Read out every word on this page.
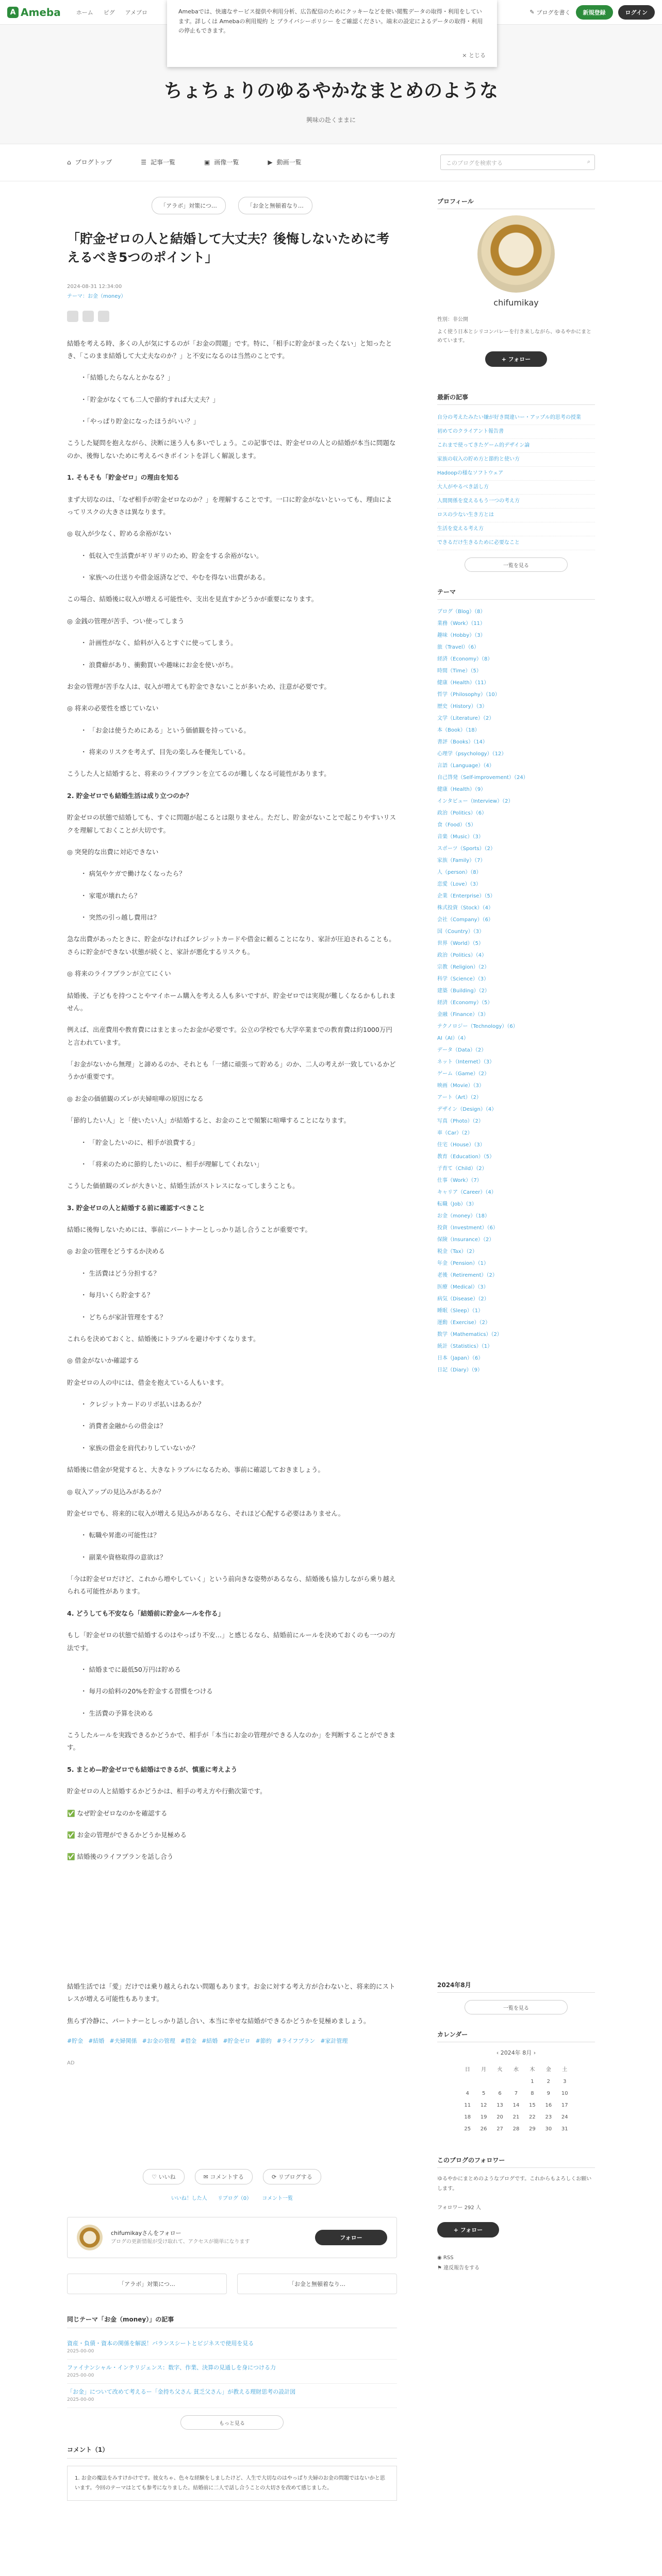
A Ameba	ホーム ピグ アメブロ	✎ ブログを書く	新規登録	ログイン
Amebaでは、快適なサービス提供や利用分析、広告配信のためにクッキーなどを使い閲覧データの取得・利用をしています。詳しくは Amebaの利用規約 と プライバシーポリシー をご確認ください。端末の設定によるデータの取得・利用の停止もできます。
× とじる
ちょちょりのゆるやかなまとめのような
興味の赴くままに
⌂ ブログトップ	☰ 記事一覧	▣ 画像一覧	▶ 動画一覧	このブログを検索する	⌕
「アラボ」対策につ…	「お金と無頓着なり…
「貯金ゼロの人と結婚して大丈夫？後悔しないために考えるべき5つのポイント」
2024-08-31 12:34:00
テーマ：お金（money）

結婚を考える時、多くの人が気にするのが「お金の問題」です。特に、「相手に貯金がまったくない」と知ったとき、「このまま結婚して大丈夫なのか？」と不安になるのは当然のことです。

・「結婚したらなんとかなる？」

・「貯金がなくても二人で節約すれば大丈夫？」

・「やっぱり貯金になったほうがいい？」

こうした疑問を抱えながら、決断に迷う人も多いでしょう。この記事では、貯金ゼロの人との結婚が本当に問題なのか、後悔しないために考えるべきポイントを詳しく解説します。

1. そもそも「貯金ゼロ」の理由を知る

まず大切なのは、「なぜ相手が貯金ゼロなのか？」を理解することです。一口に貯金がないといっても、理由によってリスクの大きさは異なります。

◎ 収入が少なく、貯める余裕がない

・ 低収入で生活費がギリギリのため、貯金をする余裕がない。

・ 家族への仕送りや借金返済などで、やむを得ない出費がある。

この場合、結婚後に収入が増える可能性や、支出を見直すかどうかが重要になります。

◎ 金銭の管理が苦手、つい使ってしまう

・ 計画性がなく、給料が入るとすぐに使ってしまう。

・ 浪費癖があり、衝動買いや趣味にお金を使いがち。

お金の管理が苦手な人は、収入が増えても貯金できないことが多いため、注意が必要です。

◎ 将来の必要性を感じていない

・ 「お金は使うためにある」という価値観を持っている。

・ 将来のリスクを考えず、目先の楽しみを優先している。

こうした人と結婚すると、将来のライフプランを立てるのが難しくなる可能性があります。

2. 貯金ゼロでも結婚生活は成り立つのか？

貯金ゼロの状態で結婚しても、すぐに問題が起こるとは限りません。ただし、貯金がないことで起こりやすいリスクを理解しておくことが大切です。

◎ 突発的な出費に対応できない

・ 病気やケガで働けなくなったら？

・ 家電が壊れたら？

・ 突然の引っ越し費用は？

急な出費があったときに、貯金がなければクレジットカードや借金に頼ることになり、家計が圧迫されることも。さらに貯金ができない状態が続くと、家計が悪化するリスクも。

◎ 将来のライフプランが立てにくい

結婚後、子どもを持つことやマイホーム購入を考える人も多いですが、貯金ゼロでは実現が難しくなるかもしれません。

例えば、出産費用や教育費にはまとまったお金が必要です。公立の学校でも大学卒業までの教育費は約1000万円と言われています。

「お金がないから無理」と諦めるのか、それとも「一緒に頑張って貯める」のか、二人の考えが一致しているかどうかが重要です。

◎ お金の価値観のズレが夫婦喧嘩の原因になる

「節約したい人」と「使いたい人」が結婚すると、お金のことで頻繁に喧嘩することになります。

・ 「貯金したいのに、相手が浪費する」

・ 「将来のために節約したいのに、相手が理解してくれない」

こうした価値観のズレが大きいと、結婚生活がストレスになってしまうことも。

3. 貯金ゼロの人と結婚する前に確認すべきこと

結婚に後悔しないためには、事前にパートナーとしっかり話し合うことが重要です。

◎ お金の管理をどうするか決める

・ 生活費はどう分担する？

・ 毎月いくら貯金する？

・ どちらが家計管理をする？

これらを決めておくと、結婚後にトラブルを避けやすくなります。

◎ 借金がないか確認する

貯金ゼロの人の中には、借金を抱えている人もいます。

・ クレジットカードのリボ払いはあるか？

・ 消費者金融からの借金は？

・ 家族の借金を肩代わりしていないか？

結婚後に借金が発覚すると、大きなトラブルになるため、事前に確認しておきましょう。

◎ 収入アップの見込みがあるか？

貯金ゼロでも、将来的に収入が増える見込みがあるなら、それほど心配する必要はありません。

・ 転職や昇進の可能性は？

・ 副業や資格取得の意欲は？

「今は貯金ゼロだけど、これから増やしていく」という前向きな姿勢があるなら、結婚後も協力しながら乗り越えられる可能性があります。

4. どうしても不安なら「結婚前に貯金ルールを作る」

もし「貯金ゼロの状態で結婚するのはやっぱり不安…」と感じるなら、結婚前にルールを決めておくのも一つの方法です。

・ 結婚までに最低50万円は貯める

・ 毎月の給料の20%を貯金する習慣をつける

・ 生活費の予算を決める

こうしたルールを実践できるかどうかで、相手が「本当にお金の管理ができる人なのか」を判断することができます。

5. まとめ—貯金ゼロでも結婚はできるが、慎重に考えよう

貯金ゼロの人と結婚するかどうかは、相手の考え方や行動次第です。

✅ なぜ貯金ゼロなのかを確認する

✅ お金の管理ができるかどうか見極める

✅ 結婚後のライフプランを話し合う

プロフィール
chifumikay
性別：非公開
よく使う日本とシリコンバレーを行き来しながら、ゆるやかにまとめています。
+ フォロー
最新の記事
自分の考えたみたい嫌が好き間違いー・アップル的思考の授業
初めてのクライアント報告書
これまで使ってきたゲーム的デザイン論
家族の収入の貯め方と節約と使い方
Hadoopの様なソフトウェア
大人がやるべき話し方
人間関係を変えるもう一つの考え方
ロスの少ない生き方とは
生活を変える考え方
できるだけ生きるために必要なこと
一覧を見る
テーマ
ブログ（Blog）（8）
業務（Work）（11）
趣味（Hobby）（3）
旅（Travel）（6）
経済（Economy）（8）
時間（Time）（5）
健康（Health）（11）
哲学（Philosophy）（10）
歴史（History）（3）
文学（Literature）（2）
本（Book）（18）
書評（Books）（14）
心理学（psychology）（12）
言語（Language）（4）
自己啓発（Self-improvement）（24）
健康（Health）（9）
インタビュー（Interview）（2）
政治（Politics）（6）
食（Food）（5）
音楽（Music）（3）
スポーツ（Sports）（2）
家族（Family）（7）
人（person）（8）
恋愛（Love）（3）
企業（Enterprise）（5）
株式投資（Stock）（4）
会社（Company）（6）
国（Country）（3）
世界（World）（5）
政治（Politics）（4）
宗教（Religion）（2）
科学（Science）（3）
建築（Building）（2）
経済（Economy）（5）
金融（Finance）（3）
テクノロジー（Technology）（6）
AI（AI）（4）
データ（Data）（2）
ネット（Internet）（3）
ゲーム（Game）（2）
映画（Movie）（3）
アート（Art）（2）
デザイン（Design）（4）
写真（Photo）（2）
車（Car）（2）
住宅（House）（3）
教育（Education）（5）
子育て（Child）（2）
仕事（Work）（7）
キャリア（Career）（4）
転職（Job）（3）
お金（money）（18）
投資（Investment）（6）
保険（Insurance）（2）
税金（Tax）（2）
年金（Pension）（1）
老後（Retirement）（2）
医療（Medical）（3）
病気（Disease）（2）
睡眠（Sleep）（1）
運動（Exercise）（2）
数学（Mathematics）（2）
統計（Statistics）（1）
日本（Japan）（6）
日記（Diary）（9）

結婚生活では「愛」だけでは乗り越えられない問題もあります。お金に対する考え方が合わないと、将来的にストレスが増える可能性もあります。

焦らず冷静に、パートナーとしっかり話し合い、本当に幸せな結婚ができるかどうかを見極めましょう。

#貯金 #結婚 #夫婦関係 #お金の管理 #借金 #結婚 #貯金ゼロ #節約 #ライフプラン #家計管理
AD
♡ いいね	✉ コメントする	⟳ リブログする
いいね！した人 リブログ（0） コメント一覧
chifumikayさんをフォロー
ブログの更新情報が受け取れて、アクセスが簡単になります
フォロー
「アラボ」対策につ…	「お金と無頓着なり…
同じテーマ「お金（money）」の記事
資産・負債・資本の関係を解説！バランスシートとビジネスで使用を見る
2025-00-00
ファイナンシャル・インテリジェンス：数字、作業、決算の見通しを身につける力
2025-00-00
「お金」について改めて考えるー「金持ち父さん 貧乏父さん」が教える理財思考の設計図
2025-00-00
もっと見る
コメント（1）
1. お金の魔法をみすけかけです。彼女ちゃ、色々な経験をしましたけど、人生で大切なのはやっぱり夫婦のお金の問題ではないかと思います。今回のテーマはとても参考になりました。結婚前に二人で話し合うことの大切さを改めて感じました。
2024年8月
一覧を見る
カレンダー
‹ 2024年 8月 ›
日	月	火	水	木	金	土
				1	2	3
4	5	6	7	8	9	10
11	12	13	14	15	16	17
18	19	20	21	22	23	24
25	26	27	28	29	30	31
このブログのフォロワー
ゆるやかにまとめのようなブログです。これからもよろしくお願いします。
フォロワー 292 人
+ フォロー
◉ RSS
⚑ 違反報告をする
